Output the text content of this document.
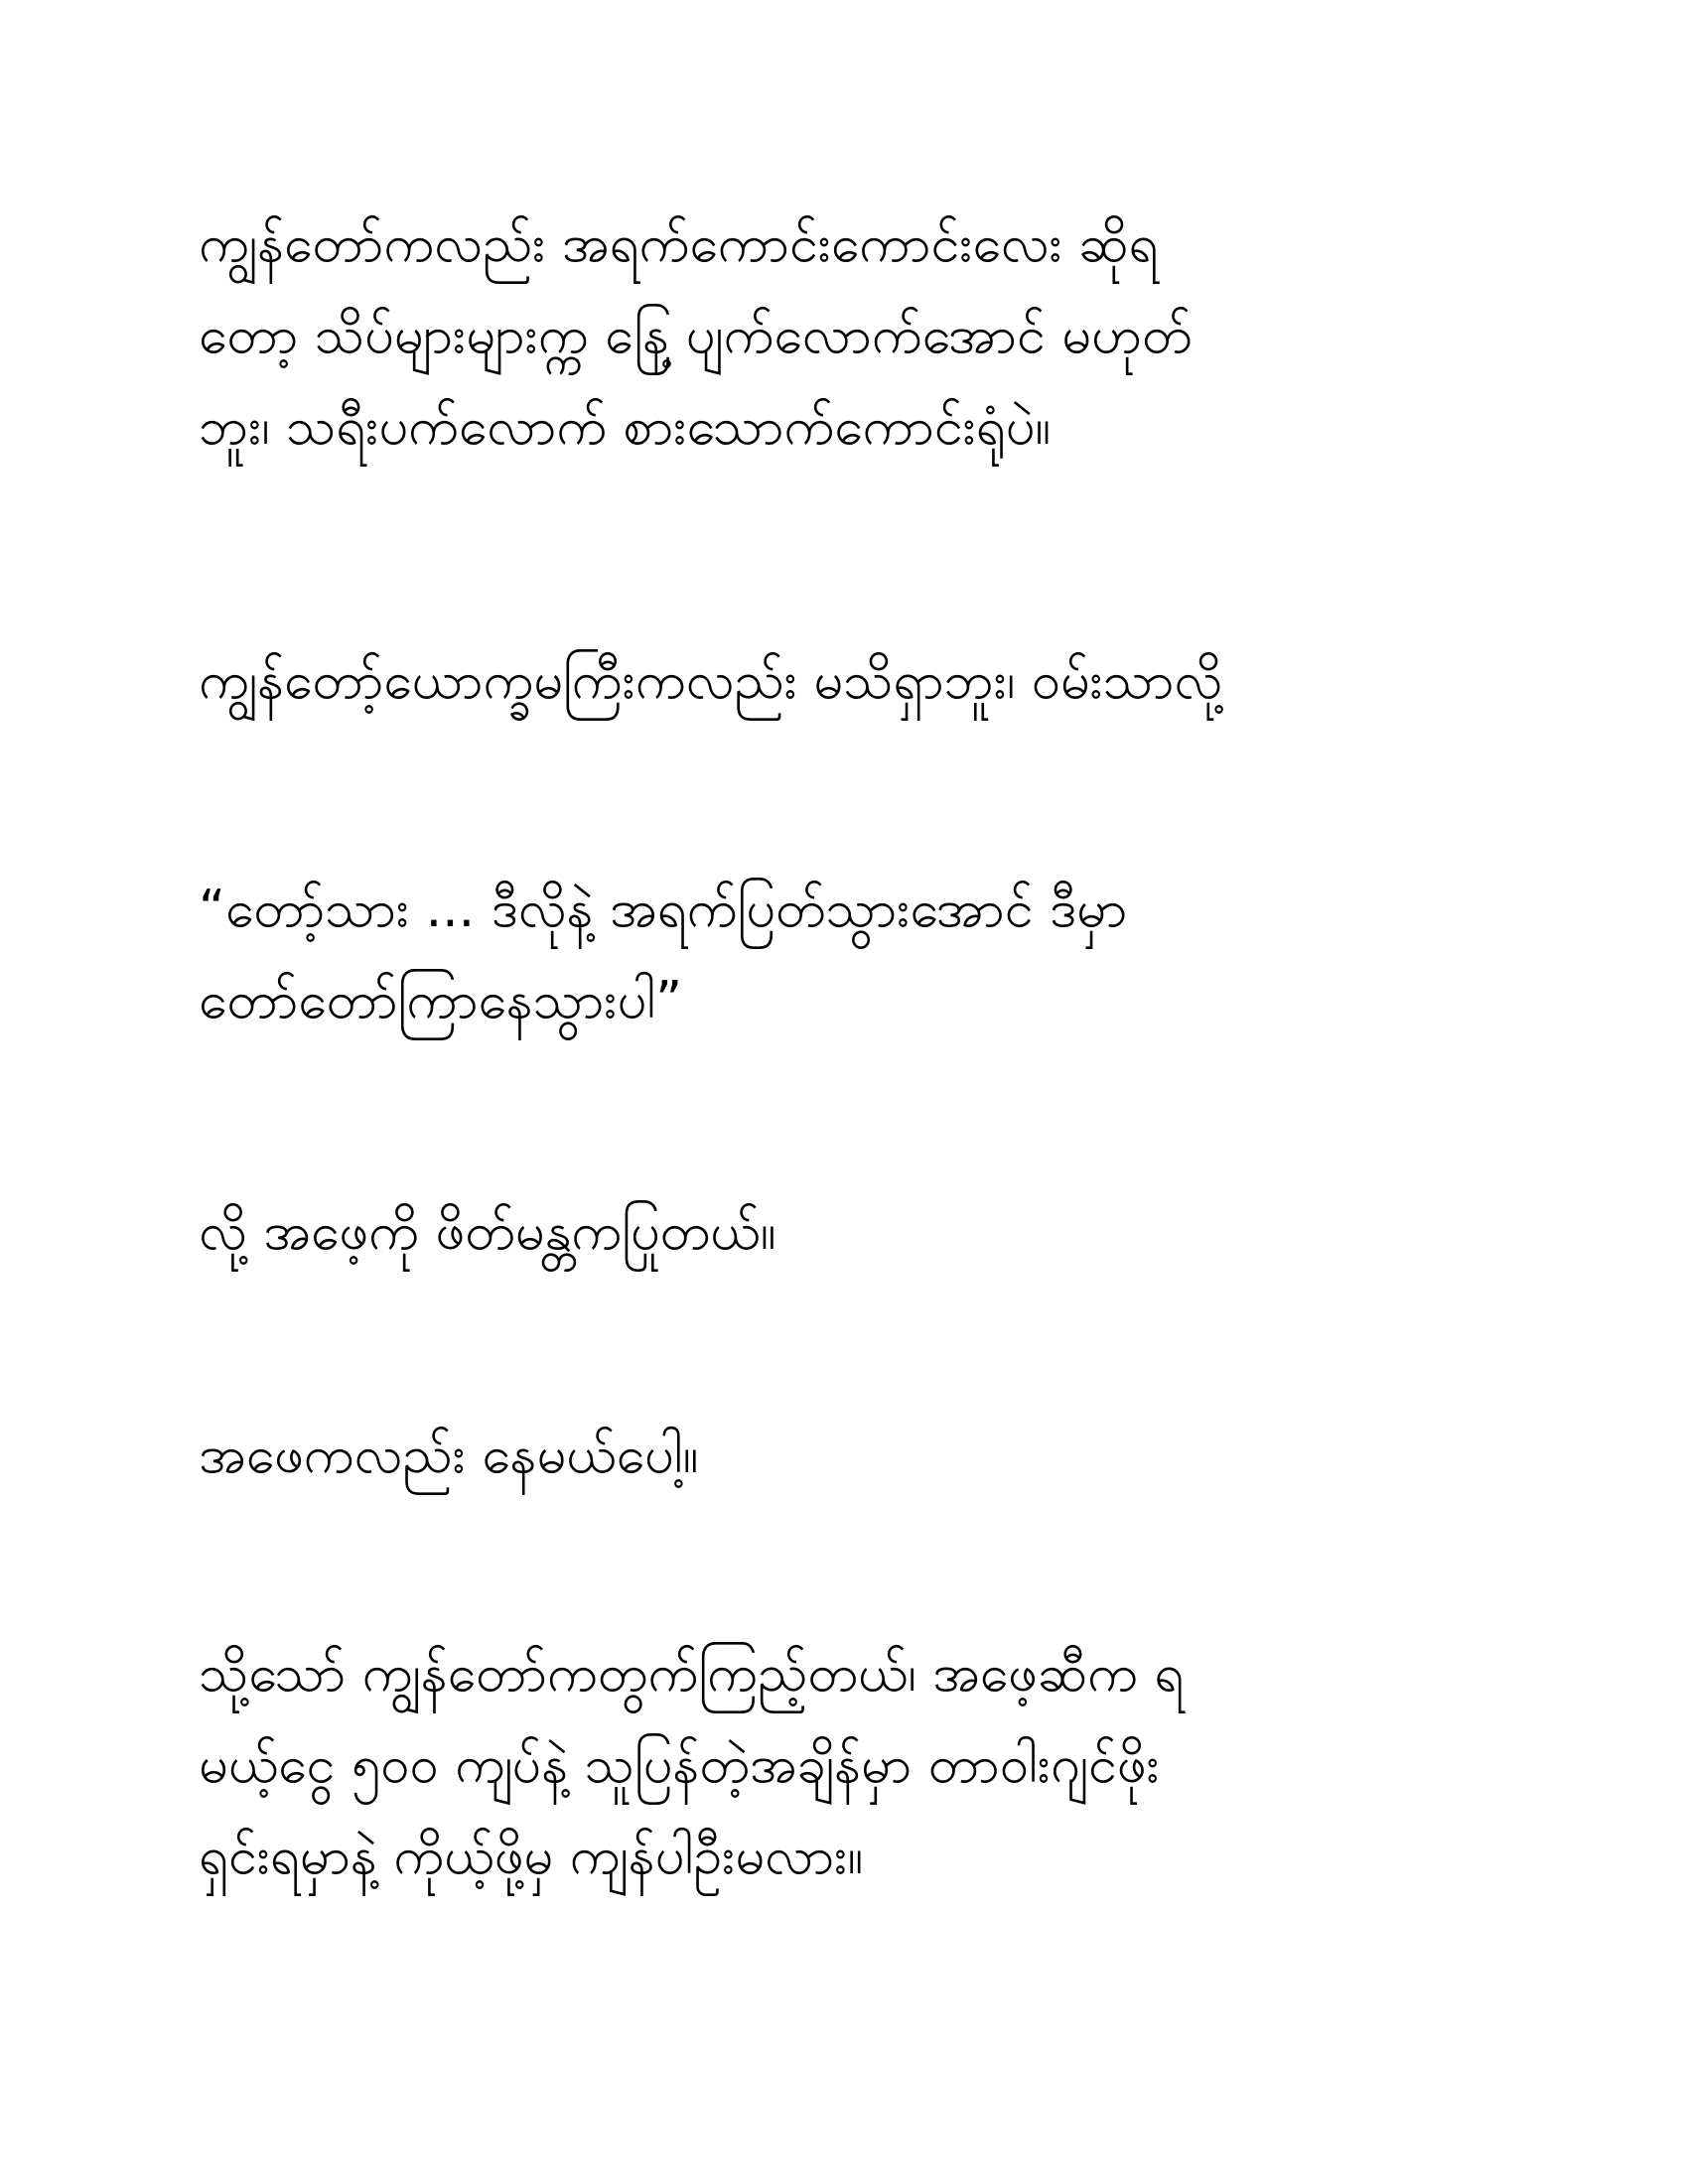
ကျွန်တော်ကလည်း အရက်ကောင်းကောင်းလေး ဆိုရ
တော့ သိပ်များများက္က နြေ့ ပျက်လောက်အောင် မဟုတ်
ဘူး၊ သရီးပက်လောက် စားသောက်ကောင်းရုံပဲ။

ကျွန်တော့်ယောက္ခမကြီးကလည်း မသိရှာဘူး၊ ဝမ်းသာလို့

“တော့်သား ... ဒီလိုနဲ့ အရက်ပြတ်သွားအောင် ဒီမှာ
တော်တော်ကြာနေသွားပါ”

လို့ အဖေ့ကို ဖိတ်မန္တကပြုတယ်။

အဖေကလည်း နေမယ်ပေါ့။

သို့သော် ကျွန်တော်ကတွက်ကြည့်တယ်၊ အဖေ့ဆီက ရ
မယ့်ငွေ ၅၀၀ ကျပ်နဲ့ သူပြန်တဲ့အချိန်မှာ တာဝါးဂျင်ဖိုး
ရှင်းရမှာနဲ့ ကိုယ့်ဖို့မှ ကျန်ပါဦးမလား။
